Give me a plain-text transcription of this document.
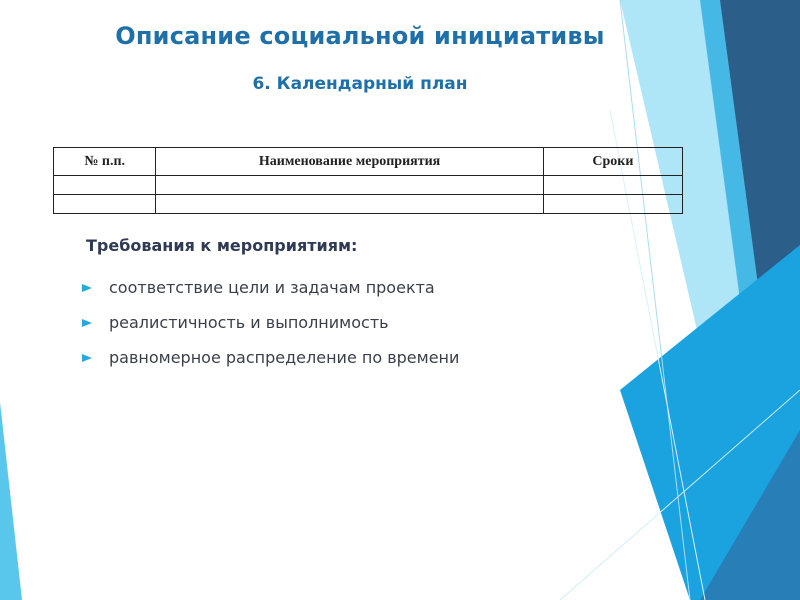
Описание социальной инициативы
6. Календарный план
№ п.п.	Наименование мероприятия	Сроки

Требования к мероприятиям:
соответствие цели и задачам проекта
реалистичность и выполнимость
равномерное распределение по времени
